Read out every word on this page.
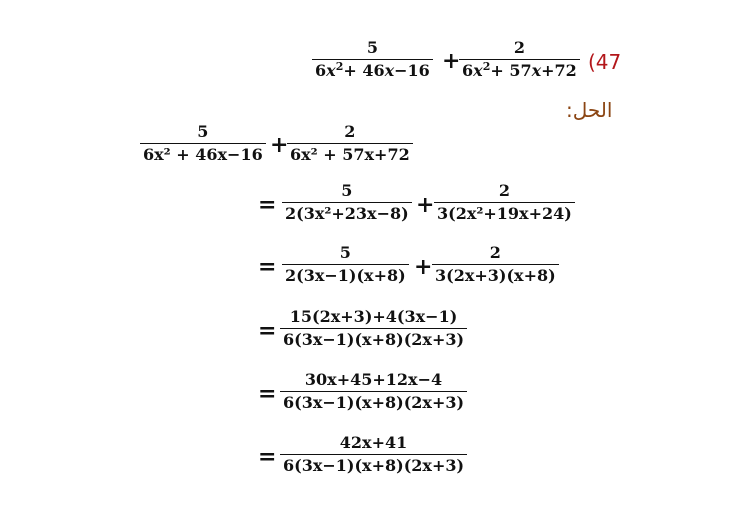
5
$6x^2+ 46x-16$ +
2
$6x^2+ 57x+72$ (47
الحل:
5
6x² + 46x−16 +
2
6x² + 57x+72
=
5
2(3x²+23x−8) +
2
3(2x²+19x+24)
=
5
2(3x−1)(x+8) +
2
3(2x+3)(x+8)
=
15(2x+3)+4(3x−1)
6(3x−1)(x+8)(2x+3)
=
30x+45+12x−4
6(3x−1)(x+8)(2x+3)
=
42x+41
6(3x−1)(x+8)(2x+3)
